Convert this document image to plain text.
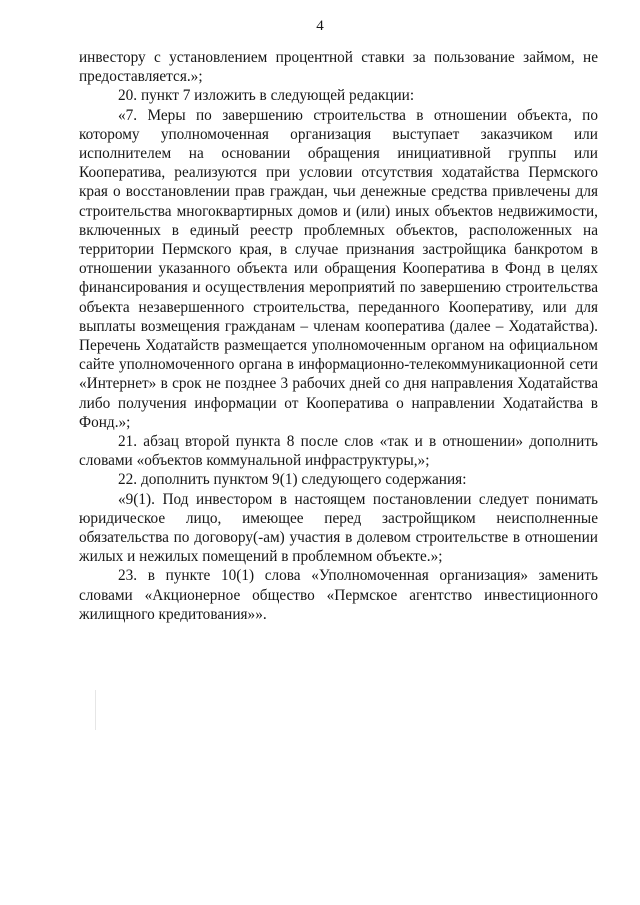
4

инвестору с установлением процентной ставки за пользование займом, не предоставляется.»;

20. пункт 7 изложить в следующей редакции:

«7. Меры по завершению строительства в отношении объекта, по которому уполномоченная организация выступает заказчиком или исполнителем на основании обращения инициативной группы или Кооператива, реализуются при условии отсутствия ходатайства Пермского края о восстановлении прав граждан, чьи денежные средства привлечены для строительства многоквартирных домов и (или) иных объектов недвижимости, включенных в единый реестр проблемных объектов, расположенных на территории Пермского края, в случае признания застройщика банкротом в отношении указанного объекта или обращения Кооператива в Фонд в целях финансирования и осуществления мероприятий по завершению строительства объекта незавершенного строительства, переданного Кооперативу, или для выплаты возмещения гражданам – членам кооператива (далее – Ходатайства). Перечень Ходатайств размещается уполномоченным органом на официальном сайте уполномоченного органа в информационно-телекоммуникационной сети «Интернет» в срок не позднее 3 рабочих дней со дня направления Ходатайства либо получения информации от Кооператива о направлении Ходатайства в Фонд.»;

21. абзац второй пункта 8 после слов «так и в отношении» дополнить словами «объектов коммунальной инфраструктуры,»;

22. дополнить пунктом 9(1) следующего содержания:

«9(1). Под инвестором в настоящем постановлении следует понимать юридическое лицо, имеющее перед застройщиком неисполненные обязательства по договору(-ам) участия в долевом строительстве в отношении жилых и нежилых помещений в проблемном объекте.»;

23. в пункте 10(1) слова «Уполномоченная организация» заменить словами «Акционерное общество «Пермское агентство инвестиционного жилищного кредитования»».
